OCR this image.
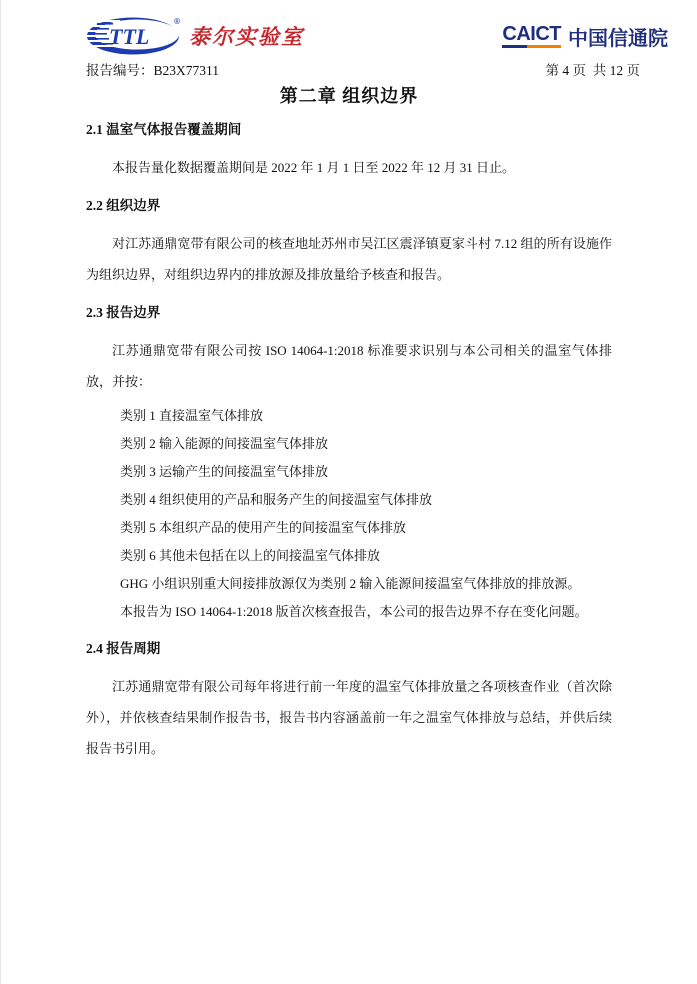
TTL
®
泰尔实验室	CAICT 中国信通院
报告编号：B23X77311	第 4 页  共 12 页
第二章 组织边界
2.1 温室气体报告覆盖期间

本报告量化数据覆盖期间是 2022 年 1 月 1 日至 2022 年 12 月 31 日止。

2.2 组织边界

对江苏通鼎宽带有限公司的核查地址苏州市吴江区震泽镇夏家斗村 7.12 组的所有设施作为组织边界，对组织边界内的排放源及排放量给予核查和报告。

2.3 报告边界

江苏通鼎宽带有限公司按 ISO 14064-1:2018 标准要求识别与本公司相关的温室气体排放，并按：

类别 1 直接温室气体排放
类别 2 输入能源的间接温室气体排放
类别 3 运输产生的间接温室气体排放
类别 4 组织使用的产品和服务产生的间接温室气体排放
类别 5 本组织产品的使用产生的间接温室气体排放
类别 6 其他未包括在以上的间接温室气体排放
GHG 小组识别重大间接排放源仅为类别 2 输入能源间接温室气体排放的排放源。
本报告为 ISO 14064-1:2018 版首次核查报告，本公司的报告边界不存在变化问题。
2.4 报告周期

江苏通鼎宽带有限公司每年将进行前一年度的温室气体排放量之各项核查作业（首次除外），并依核查结果制作报告书，报告书内容涵盖前一年之温室气体排放与总结，并供后续报告书引用。
